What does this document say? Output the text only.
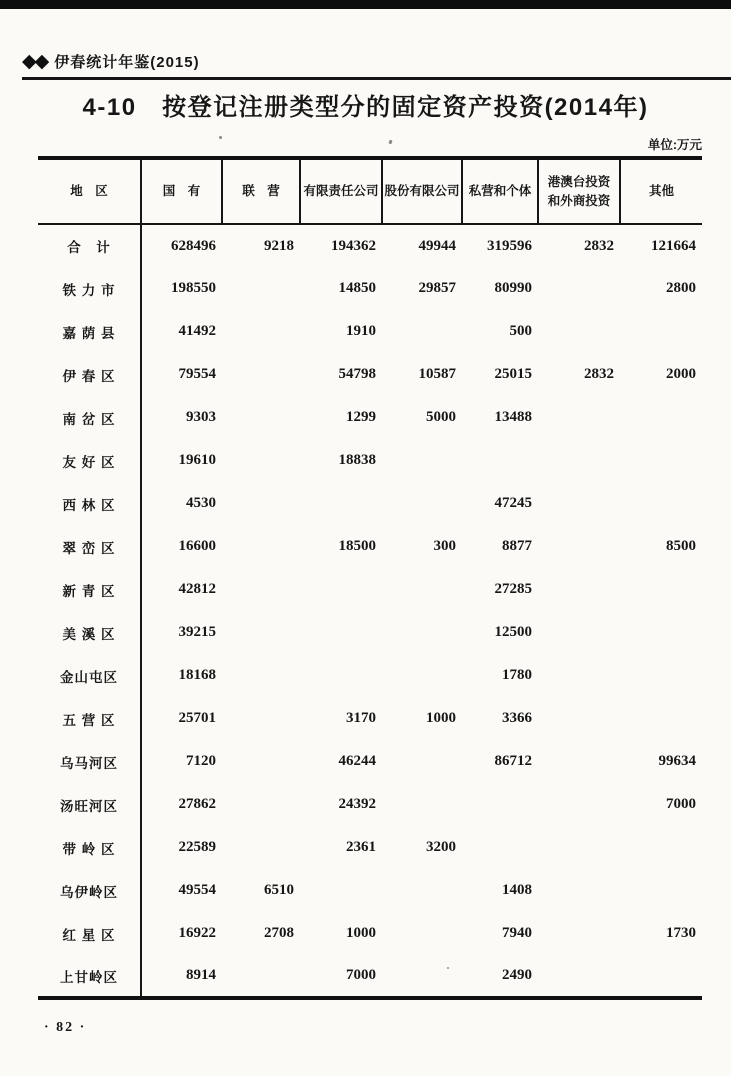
◆◆ 伊春统计年鉴(2015)
4-10　按登记注册类型分的固定资产投资(2014年)
单位:万元
地　区	国　有	联　营	有限责任公司	股份有限公司	私营和个体	港澳台投资
和外商投资	其他

合　计	628496	9218	194362	49944	319596	2832	121664
铁 力 市	198550		14850	29857	80990		2800
嘉 荫 县	41492		1910		500		
伊 春 区	79554		54798	10587	25015	2832	2000
南 岔 区	9303		1299	5000	13488		
友 好 区	19610		18838				
西 林 区	4530				47245		
翠 峦 区	16600		18500	300	8877		8500
新 青 区	42812				27285		
美 溪 区	39215				12500		
金山屯区	18168				1780		
五 营 区	25701		3170	1000	3366		
乌马河区	7120		46244		86712		99634
汤旺河区	27862		24392				7000
带 岭 区	22589		2361	3200			
乌伊岭区	49554	6510			1408		
红 星 区	16922	2708	1000		7940		1730
上甘岭区	8914		7000		2490		
· 82 ·
